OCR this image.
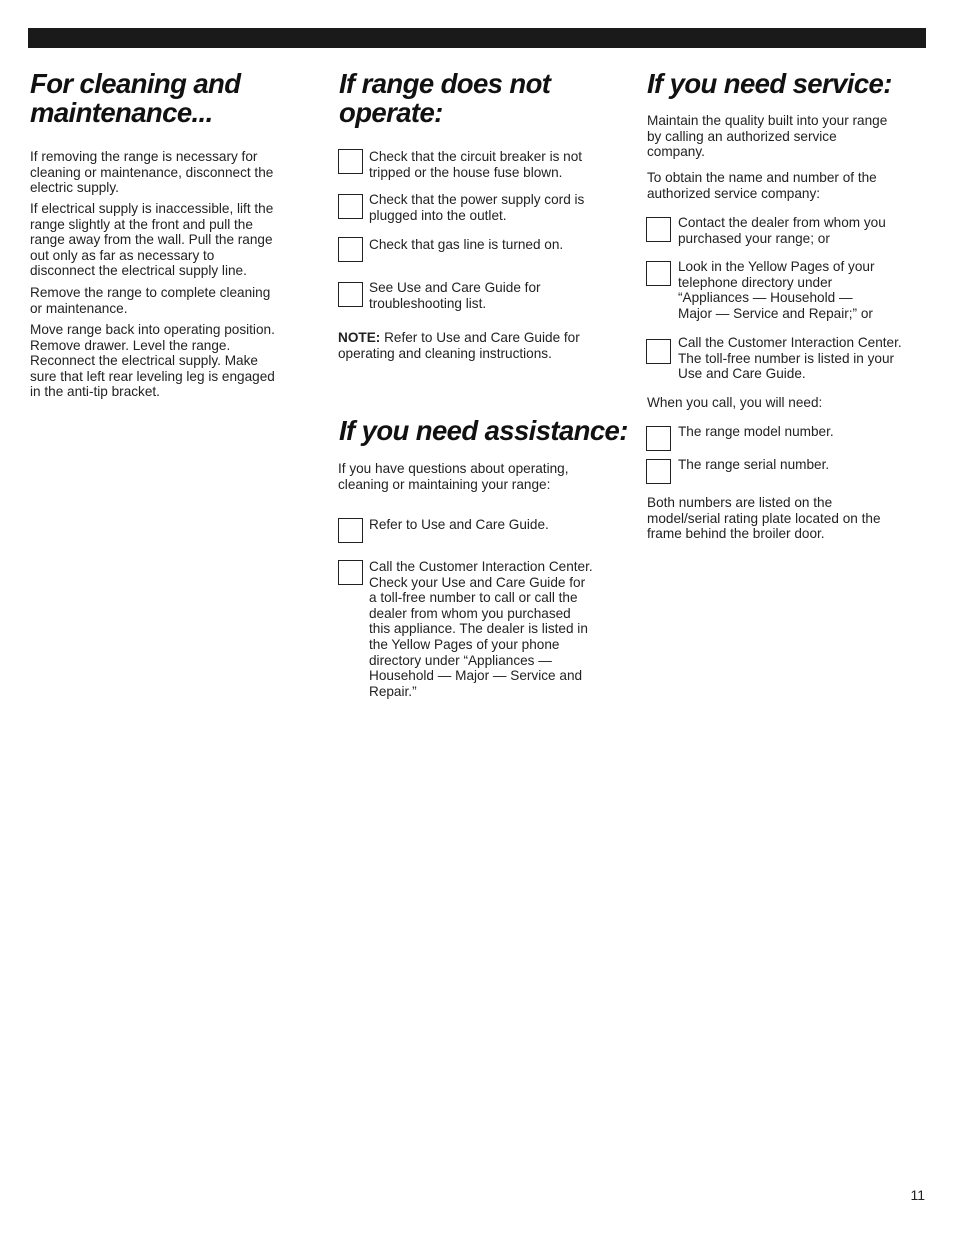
For cleaning and
maintenance...

If removing the range is necessary for
cleaning or maintenance, disconnect the
electric supply.

If electrical supply is inaccessible, lift the
range slightly at the front and pull the
range away from the wall. Pull the range
out only as far as necessary to
disconnect the electrical supply line.

Remove the range to complete cleaning
or maintenance.

Move range back into operating position.
Remove drawer. Level the range.
Reconnect the electrical supply. Make
sure that left rear leveling leg is engaged
in the anti-tip bracket.

If range does not
operate:

Check that the circuit breaker is not
tripped or the house fuse blown.

Check that the power supply cord is
plugged into the outlet.

Check that gas line is turned on.

See Use and Care Guide for
troubleshooting list.

NOTE: Refer to Use and Care Guide for
operating and cleaning instructions.

If you need assistance:

If you have questions about operating,
cleaning or maintaining your range:

Refer to Use and Care Guide.

Call the Customer Interaction Center.
Check your Use and Care Guide for
a toll-free number to call or call the
dealer from whom you purchased
this appliance. The dealer is listed in
the Yellow Pages of your phone
directory under “Appliances —
Household — Major — Service and
Repair.”

If you need service:

Maintain the quality built into your range
by calling an authorized service
company.

To obtain the name and number of the
authorized service company:

Contact the dealer from whom you
purchased your range; or

Look in the Yellow Pages of your
telephone directory under
“Appliances — Household —
Major — Service and Repair;” or

Call the Customer Interaction Center.
The toll-free number is listed in your
Use and Care Guide.

When you call, you will need:

The range model number.

The range serial number.

Both numbers are listed on the
model/serial rating plate located on the
frame behind the broiler door.

11
